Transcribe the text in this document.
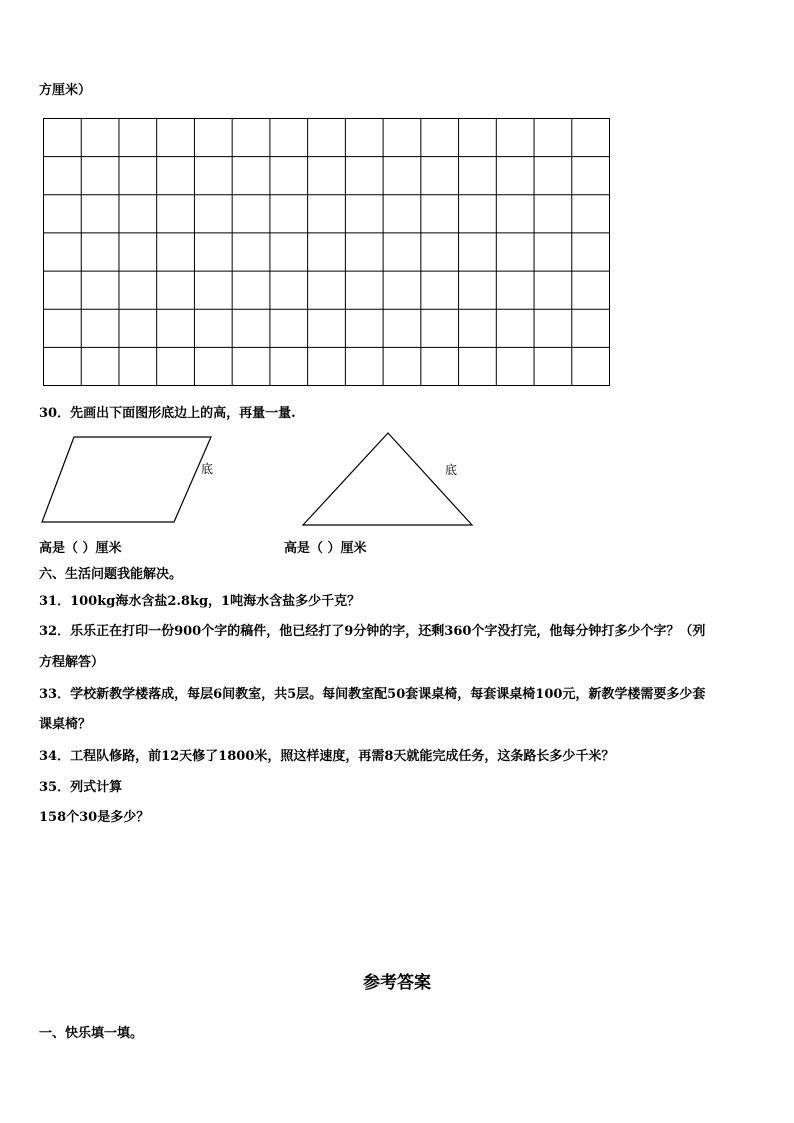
方厘米）
30．先画出下面图形底边上的高，再量一量.
底	底
高是（ ）厘米	高是（ ）厘米
六、生活问题我能解决。
31．100kg海水含盐2.8kg，1吨海水含盐多少千克？
32．乐乐正在打印一份900个字的稿件，他已经打了9分钟的字，还剩360个字没打完，他每分钟打多少个字？（列
方程解答）
33．学校新教学楼落成，每层6间教室，共5层。每间教室配50套课桌椅，每套课桌椅100元，新教学楼需要多少套
课桌椅？
34．工程队修路，前12天修了1800米，照这样速度，再需8天就能完成任务，这条路长多少千米？
35．列式计算
158个30是多少？
参考答案
一、快乐填一填。
